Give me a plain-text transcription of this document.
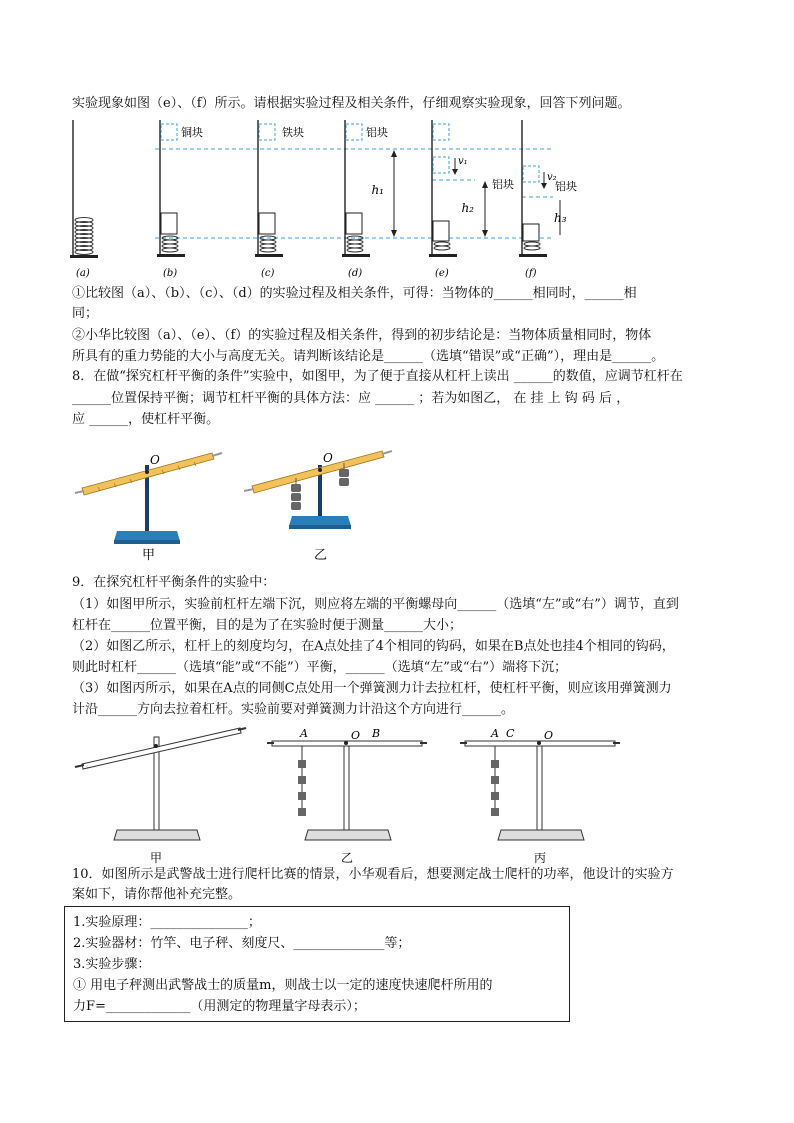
实验现象如图（e）、（f）所示。请根据实验过程及相关条件，仔细观察实验现象，回答下列问题。
铜块	铁块	铝块
铝块	铝块
v₁
v₂
h₁
h₂
h₃
(a)	(b)	(c)	(d)	(e)	(f)
①比较图（a）、（b）、（c）、（d）的实验过程及相关条件，可得：当物体的______相同时，______相
同；
②小华比较图（a）、（e）、（f）的实验过程及相关条件，得到的初步结论是：当物体质量相同时，物体
所具有的重力势能的大小与高度无关。请判断该结论是______（选填“错误”或“正确”），理由是______。
8．在做“探究杠杆平衡的条件”实验中，如图甲，为了便于直接从杠杆上读出 ______的数值，应调节杠杆在
______位置保持平衡；调节杠杆平衡的具体方法：应 ______ ；若为如图乙， 在 挂 上 钩 码 后 ，
应 ______，使杠杆平衡。
O	O
甲	乙
9．在探究杠杆平衡条件的实验中：
（1）如图甲所示，实验前杠杆左端下沉，则应将左端的平衡螺母向______（选填“左”或“右”）调节，直到
杠杆在______位置平衡，目的是为了在实验时便于测量______大小；
（2）如图乙所示，杠杆上的刻度均匀，在A点处挂了4个相同的钩码，如果在B点处也挂4个相同的钩码，
则此时杠杆______（选填“能”或“不能”）平衡，______（选填“左”或“右”）端将下沉；
（3）如图丙所示，如果在A点的同侧C点处用一个弹簧测力计去拉杠杆，使杠杆平衡，则应该用弹簧测力
计沿______方向去拉着杠杆。实验前要对弹簧测力计沿这个方向进行______。
甲
A	O B
乙
A C	O
丙
10．如图所示是武警战士进行爬杆比赛的情景，小华观看后，想要测定战士爬杆的功率，他设计的实验方
案如下，请你帮他补充完整。
1.实验原理：_______________；
2.实验器材：竹竿、电子秤、刻度尺、______________等；
3.实验步骤：
① 用电子秤测出武警战士的质量m，则战士以一定的速度快速爬杆所用的
力F=_____________（用测定的物理量字母表示）；
